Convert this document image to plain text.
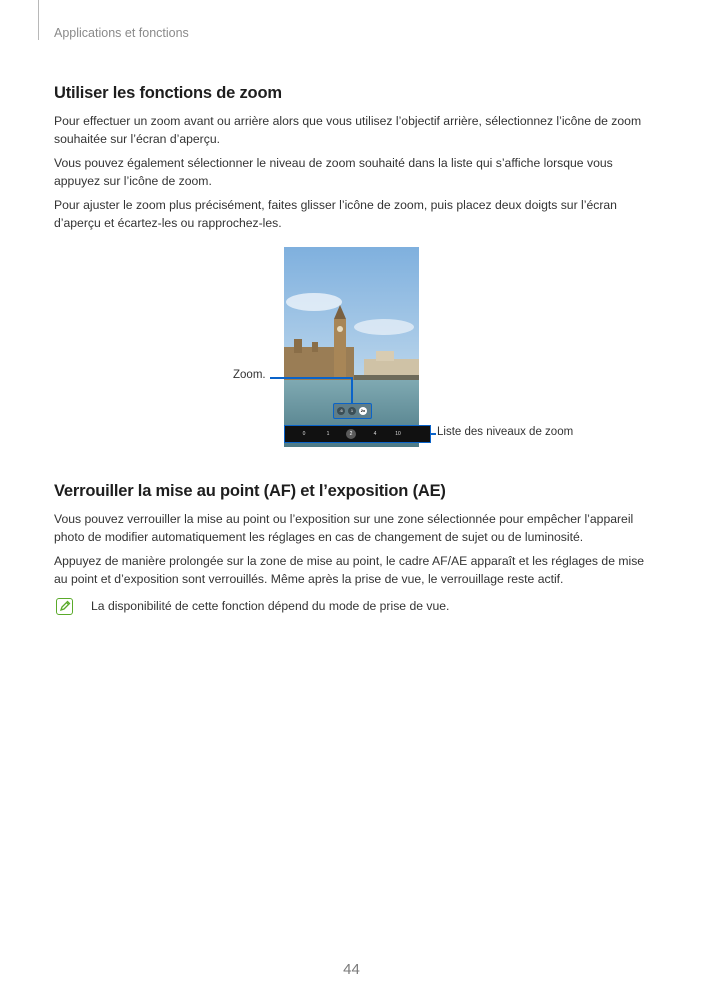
Applications et fonctions
Utiliser les fonctions de zoom

Pour effectuer un zoom avant ou arrière alors que vous utilisez l’objectif arrière, sélectionnez l’icône de zoom souhaitée sur l’écran d’aperçu.

Vous pouvez également sélectionner le niveau de zoom souhaité dans la liste qui s’affiche lorsque vous appuyez sur l’icône de zoom.

Pour ajuster le zoom plus précisément, faites glisser l’icône de zoom, puis placez deux doigts sur l’écran d’aperçu et écartez-les ou rapprochez-les.

.6	1	2x
0	1	2	4	10
Zoom.
Liste des niveaux de zoom
Verrouiller la mise au point (AF) et l’exposition (AE)

Vous pouvez verrouiller la mise au point ou l’exposition sur une zone sélectionnée pour empêcher l’appareil photo de modifier automatiquement les réglages en cas de changement de sujet ou de luminosité.

Appuyez de manière prolongée sur la zone de mise au point, le cadre AF/AE apparaît et les réglages de mise au point et d’exposition sont verrouillés. Même après la prise de vue, le verrouillage reste actif.

La disponibilité de cette fonction dépend du mode de prise de vue.
44
